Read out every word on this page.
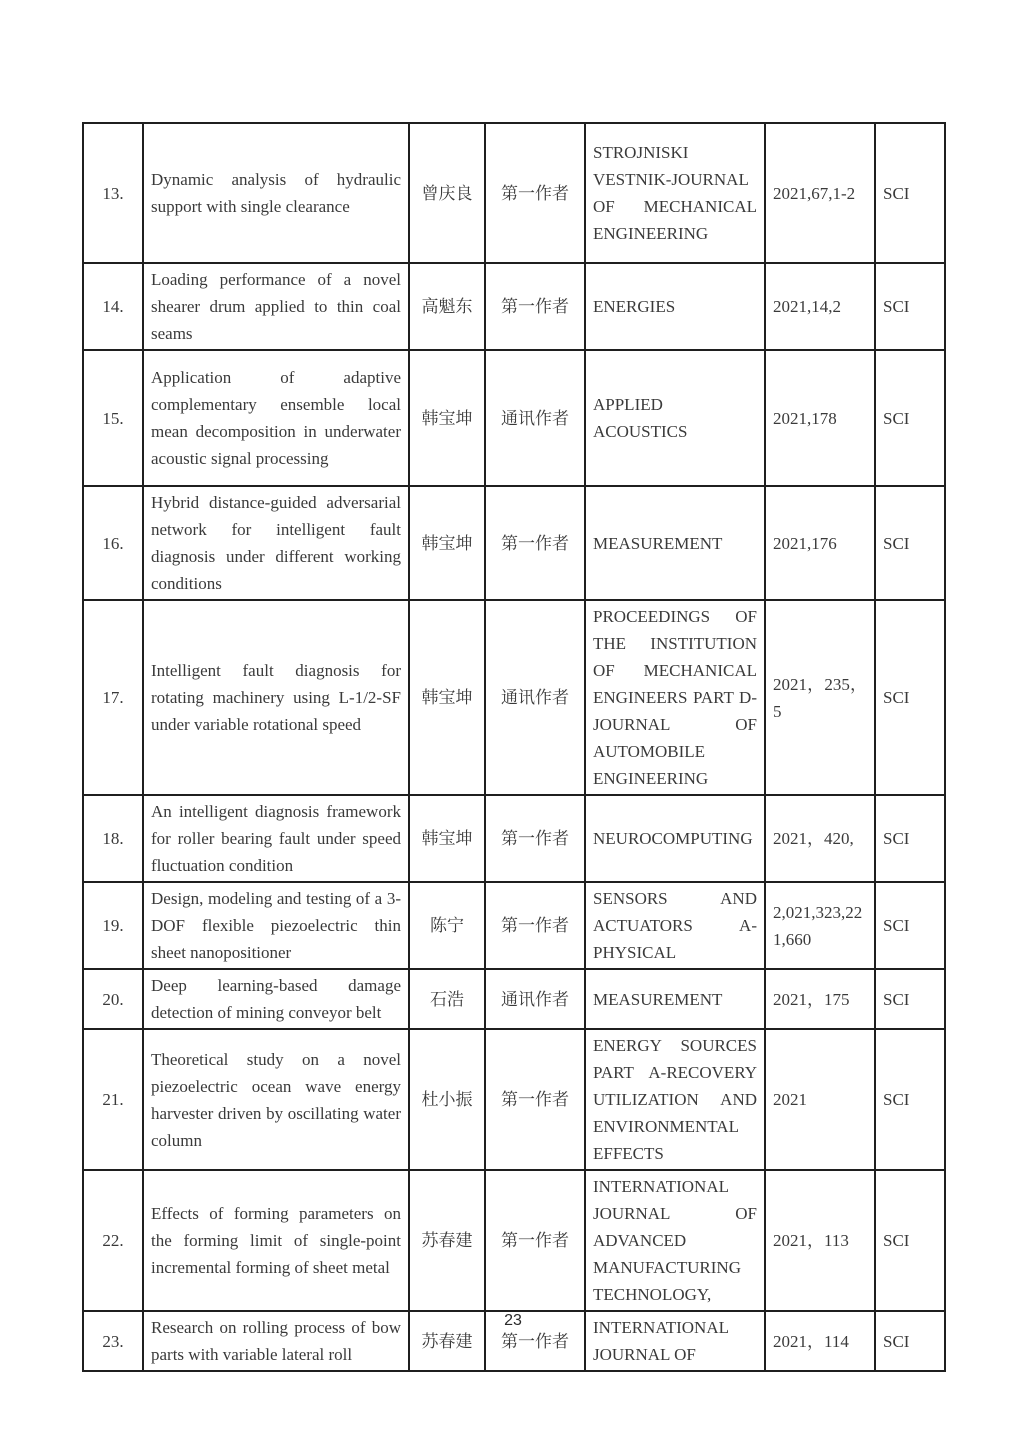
13.	Dynamic analysis of hydraulic support with single clearance	曾庆良	第一作者	STROJNISKI VESTNIK-JOURNAL OF MECHANICAL ENGINEERING	2021,67,1-2	SCI
14.	Loading performance of a novel shearer drum applied to thin coal seams	高魁东	第一作者	ENERGIES	2021,14,2	SCI
15.	Application of adaptive complementary ensemble local mean decomposition in underwater acoustic signal processing	韩宝坤	通讯作者	APPLIED ACOUSTICS	2021,178	SCI
16.	Hybrid distance-guided adversarial network for intelligent fault diagnosis under different working conditions	韩宝坤	第一作者	MEASUREMENT	2021,176	SCI
17.	Intelligent fault diagnosis for rotating machinery using L-1/2-SF under variable rotational speed	韩宝坤	通讯作者	PROCEEDINGS OF THE INSTITUTION OF MECHANICAL ENGINEERS PART D-JOURNAL OF AUTOMOBILE ENGINEERING	2021，235，5	SCI
18.	An intelligent diagnosis framework for roller bearing fault under speed fluctuation condition	韩宝坤	第一作者	NEUROCOMPUTING	2021，420,	SCI
19.	Design, modeling and testing of a 3-DOF flexible piezoelectric thin sheet nanopositioner	陈宁	第一作者	SENSORS AND ACTUATORS A-PHYSICAL	2,021,323,221,660	SCI
20.	Deep learning-based damage detection of mining conveyor belt	石浩	通讯作者	MEASUREMENT	2021，175	SCI
21.	Theoretical study on a novel piezoelectric ocean wave energy harvester driven by oscillating water column	杜小振	第一作者	ENERGY SOURCES PART A-RECOVERY UTILIZATION AND ENVIRONMENTAL EFFECTS	2021	SCI
22.	Effects of forming parameters on the forming limit of single-point incremental forming of sheet metal	苏春建	第一作者	INTERNATIONAL JOURNAL OF ADVANCED MANUFACTURING TECHNOLOGY,	2021，113	SCI
23.	Research on rolling process of bow parts with variable lateral roll	苏春建	第一作者	INTERNATIONAL JOURNAL OF	2021，114	SCI
23
